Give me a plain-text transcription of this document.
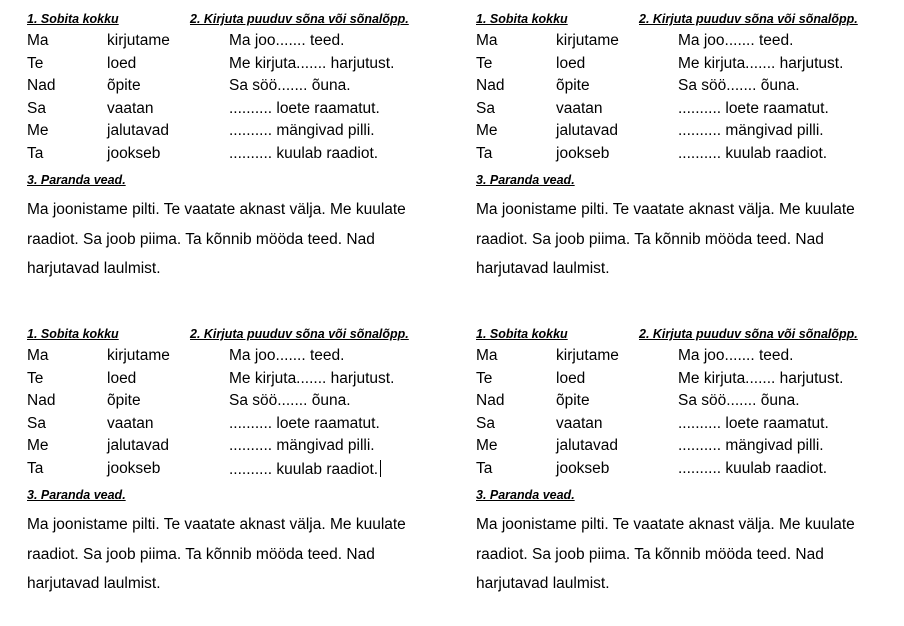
1. Sobita kokku	2. Kirjuta puuduv sõna või sõnalõpp.
3. Paranda vead.
Ma joonistame pilti. Te vaatate aknast välja. Me kuulate
raadiot. Sa joob piima. Ta kõnnib mööda teed. Nad
harjutavad laulmist.
Ma	kirjutame	Ma joo....... teed.
Te	loed	Me kirjuta....... harjutust.
Nad	õpite	Sa söö....... õuna.
Sa	vaatan	.......... loete raamatut.
Me	jalutavad	.......... mängivad pilli.
Ta	jookseb	.......... kuulab raadiot.
1. Sobita kokku	2. Kirjuta puuduv sõna või sõnalõpp.
3. Paranda vead.
Ma joonistame pilti. Te vaatate aknast välja. Me kuulate
raadiot. Sa joob piima. Ta kõnnib mööda teed. Nad
harjutavad laulmist.
Ma	kirjutame	Ma joo....... teed.
Te	loed	Me kirjuta....... harjutust.
Nad	õpite	Sa söö....... õuna.
Sa	vaatan	.......... loete raamatut.
Me	jalutavad	.......... mängivad pilli.
Ta	jookseb	.......... kuulab raadiot.
1. Sobita kokku	2. Kirjuta puuduv sõna või sõnalõpp.
3. Paranda vead.
Ma joonistame pilti. Te vaatate aknast välja. Me kuulate
raadiot. Sa joob piima. Ta kõnnib mööda teed. Nad
harjutavad laulmist.
Ma	kirjutame	Ma joo....... teed.
Te	loed	Me kirjuta....... harjutust.
Nad	õpite	Sa söö....... õuna.
Sa	vaatan	.......... loete raamatut.
Me	jalutavad	.......... mängivad pilli.
Ta	jookseb	.......... kuulab raadiot.
1. Sobita kokku	2. Kirjuta puuduv sõna või sõnalõpp.
3. Paranda vead.
Ma joonistame pilti. Te vaatate aknast välja. Me kuulate
raadiot. Sa joob piima. Ta kõnnib mööda teed. Nad
harjutavad laulmist.
Ma	kirjutame	Ma joo....... teed.
Te	loed	Me kirjuta....... harjutust.
Nad	õpite	Sa söö....... õuna.
Sa	vaatan	.......... loete raamatut.
Me	jalutavad	.......... mängivad pilli.
Ta	jookseb	.......... kuulab raadiot.
